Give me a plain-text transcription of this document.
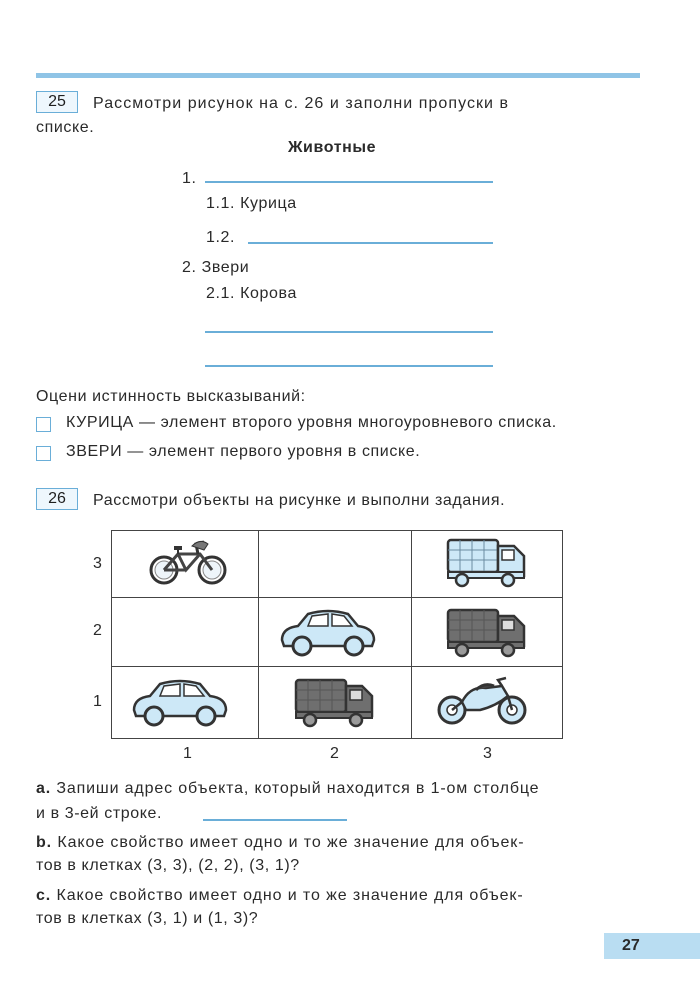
25	Рассмотри рисунок на с. 26 и заполни пропуски в
списке.
Животные
1.
1.1. Курица
1.2.
2. Звери
2.1. Корова
Оцени истинность высказываний:
КУРИЦА — элемент второго уровня многоуровневого списка.
ЗВЕРИ — элемент первого уровня в списке.
26	Рассмотри объекты на рисунке и выполни задания.
3
2
1
1	2	3
a. Запиши адрес объекта, который находится в 1-ом столбце
и в 3-ей строке.
b. Какое свойство имеет одно и то же значение для объек-
тов в клетках (3, 3), (2, 2), (3, 1)?
c. Какое свойство имеет одно и то же значение для объек-
тов в клетках (3, 1) и (1, 3)?
27
